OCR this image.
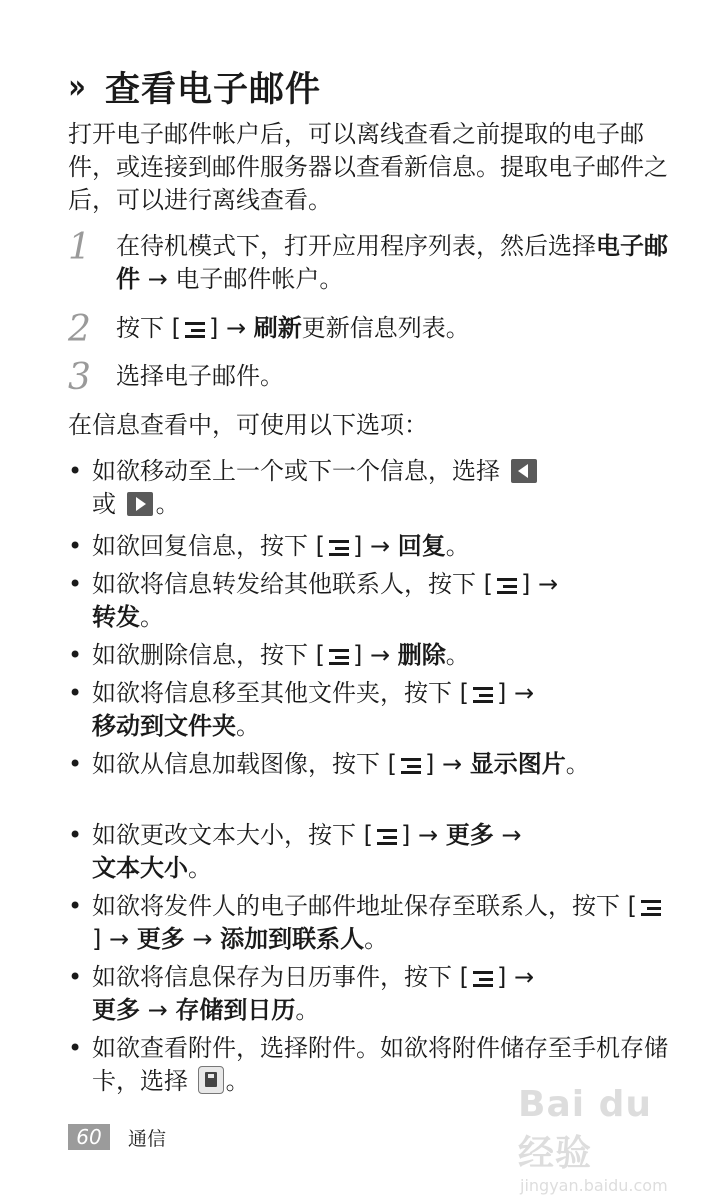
» 查看电子邮件

打开电子邮件帐户后，可以离线查看之前提取的电子邮件，或连接到邮件服务器以查看新信息。提取电子邮件之后，可以进行离线查看。

1	在待机模式下，打开应用程序列表，然后选择电子邮件 → 电子邮件帐户。
2	按下 [ ] → 刷新更新信息列表。
3	选择电子邮件。

在信息查看中，可使用以下选项：

• 如欲移动至上一个或下一个信息，选择
或 。
• 如欲回复信息，按下 [ ] → 回复。
• 如欲将信息转发给其他联系人，按下 [ ] →
转发。
• 如欲删除信息，按下 [ ] → 删除。
• 如欲将信息移至其他文件夹，按下 [ ] →
移动到文件夹。
• 如欲从信息加载图像，按下 [ ] → 显示图片。
• 如欲更改文本大小，按下 [ ] → 更多 →
文本大小。
• 如欲将发件人的电子邮件地址保存至联系人，按下 [
] → 更多 → 添加到联系人。
• 如欲将信息保存为日历事件，按下 [ ] →
更多 → 存储到日历。
• 如欲查看附件，选择附件。如欲将附件储存至手机存储卡，选择 。
60	通信
Bai du 经验
jingyan.baidu.com
